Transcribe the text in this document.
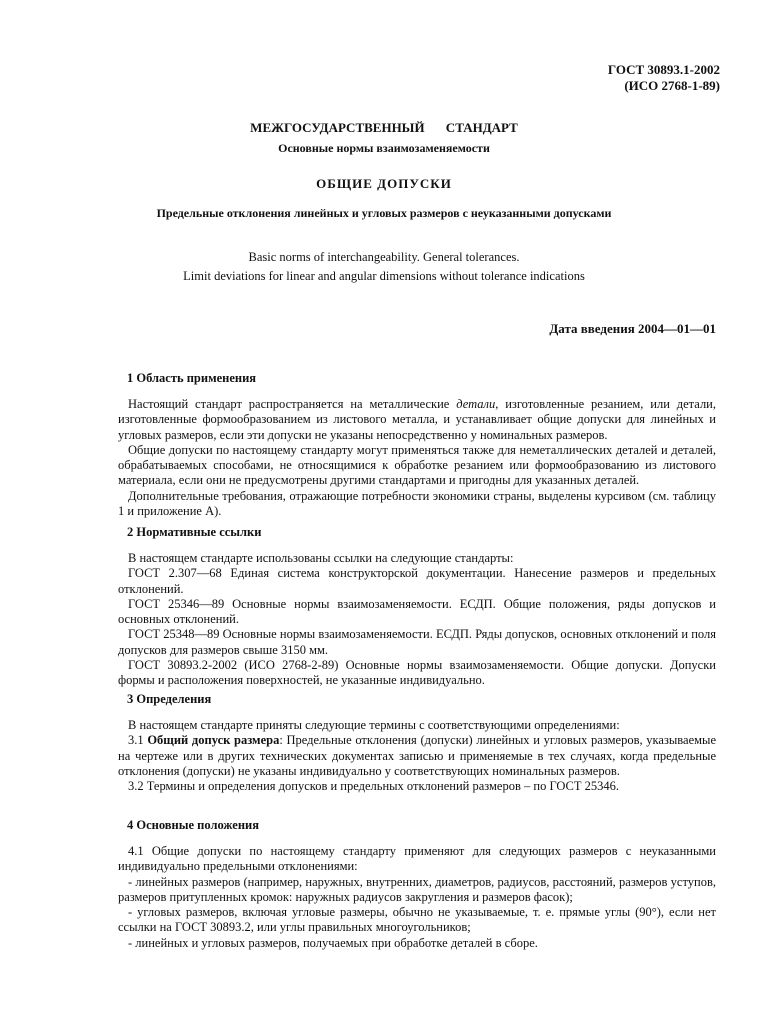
ГОСТ 30893.1-2002
(ИСО 2768-1-89)
МЕЖГОСУДАРСТВЕННЫЙ СТАНДАРТ
Основные нормы взаимозаменяемости
ОБЩИЕ ДОПУСКИ
Предельные отклонения линейных и угловых размеров с неуказанными допусками
Basic norms of interchangeability. General tolerances.
Limit deviations for linear and angular dimensions without tolerance indications
Дата введения 2004—01—01
1 Область применения

Настоящий стандарт распространяется на металлические детали, изготовленные резанием, или детали, изготовленные формообразованием из листового металла, и устанавливает общие допуски для линейных и угловых размеров, если эти допуски не указаны непосредственно у номинальных размеров.

Общие допуски по настоящему стандарту могут применяться также для неметаллических деталей и деталей, обрабатываемых способами, не относящимися к обработке резанием или формообразованию из листового материала, если они не предусмотрены другими стандартами и пригодны для указанных деталей.

Дополнительные требования, отражающие потребности экономики страны, выделены курсивом (см. таблицу 1 и приложение А).

2 Нормативные ссылки

В настоящем стандарте использованы ссылки на следующие стандарты:

ГОСТ 2.307—68 Единая система конструкторской документации. Нанесение размеров и предельных отклонений.

ГОСТ 25346—89 Основные нормы взаимозаменяемости. ЕСДП. Общие положения, ряды допусков и основных отклонений.

ГОСТ 25348—89 Основные нормы взаимозаменяемости. ЕСДП. Ряды допусков, основных отклонений и поля допусков для размеров свыше 3150 мм.

ГОСТ 30893.2-2002 (ИСО 2768-2-89) Основные нормы взаимозаменяемости. Общие допуски. Допуски формы и расположения поверхностей, не указанные индивидуально.

3 Определения

В настоящем стандарте приняты следующие термины с соответствующими определениями:

3.1 Общий допуск размера: Предельные отклонения (допуски) линейных и угловых размеров, указываемые на чертеже или в других технических документах записью и применяемые в тех случаях, когда предельные отклонения (допуски) не указаны индивидуально у соответствующих номинальных размеров.

3.2 Термины и определения допусков и предельных отклонений размеров – по ГОСТ 25346.

4 Основные положения

4.1 Общие допуски по настоящему стандарту применяют для следующих размеров с неуказанными индивидуально предельными отклонениями:

- линейных размеров (например, наружных, внутренних, диаметров, радиусов, расстояний, размеров уступов, размеров притупленных кромок: наружных радиусов закругления и размеров фасок);

- угловых размеров, включая угловые размеры, обычно не указываемые, т. е. прямые углы (90°), если нет ссылки на ГОСТ 30893.2, или углы правильных многоугольников;

- линейных и угловых размеров, получаемых при обработке деталей в сборе.
